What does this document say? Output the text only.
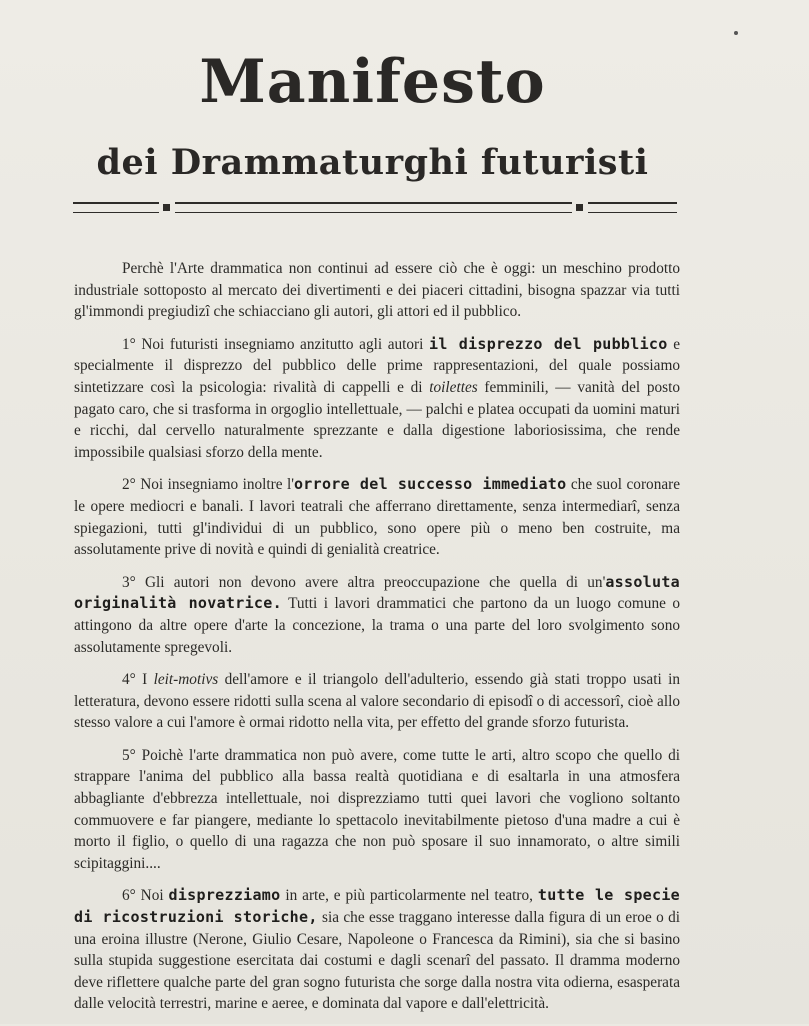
Manifesto
dei Drammaturghi futuristi

Perchè l'Arte drammatica non continui ad essere ciò che è oggi: un meschino prodotto industriale sottoposto al mercato dei divertimenti e dei piaceri cittadini, bisogna spazzar via tutti gl'immondi pregiudizî che schiacciano gli autori, gli attori ed il pubblico.

1° Noi futuristi insegniamo anzitutto agli autori il disprezzo del pubblico e specialmente il disprezzo del pubblico delle prime rappresentazioni, del quale possiamo sintetizzare così la psicologia: rivalità di cappelli e di toilettes femminili, — vanità del posto pagato caro, che si trasforma in orgoglio intellettuale, — palchi e platea occupati da uomini maturi e ricchi, dal cervello naturalmente sprezzante e dalla digestione laboriosissima, che rende impossibile qualsiasi sforzo della mente.

2° Noi insegniamo inoltre l'orrore del successo immediato che suol coronare le opere mediocri e banali. I lavori teatrali che afferrano direttamente, senza intermediarî, senza spiegazioni, tutti gl'individui di un pubblico, sono opere più o meno ben costruite, ma assolutamente prive di novità e quindi di genialità creatrice.

3° Gli autori non devono avere altra preoccupazione che quella di un'assoluta originalità novatrice. Tutti i lavori drammatici che partono da un luogo comune o attingono da altre opere d'arte la concezione, la trama o una parte del loro svolgimento sono assolutamente spregevoli.

4° I leit-motivs dell'amore e il triangolo dell'adulterio, essendo già stati troppo usati in letteratura, devono essere ridotti sulla scena al valore secondario di episodî o di accessorî, cioè allo stesso valore a cui l'amore è ormai ridotto nella vita, per effetto del grande sforzo futurista.

5° Poichè l'arte drammatica non può avere, come tutte le arti, altro scopo che quello di strappare l'anima del pubblico alla bassa realtà quotidiana e di esaltarla in una atmosfera abbagliante d'ebbrezza intellettuale, noi disprezziamo tutti quei lavori che vogliono soltanto commuovere e far piangere, mediante lo spettacolo inevitabilmente pietoso d'una madre a cui è morto il figlio, o quello di una ragazza che non può sposare il suo innamorato, o altre simili scipitaggini....

6° Noi disprezziamo in arte, e più particolarmente nel teatro, tutte le specie di ricostruzioni storiche, sia che esse traggano interesse dalla figura di un eroe o di una eroina illustre (Nerone, Giulio Cesare, Napoleone o Francesca da Rimini), sia che si basino sulla stupida suggestione esercitata dai costumi e dagli scenarî del passato. Il dramma moderno deve riflettere qualche parte del gran sogno futurista che sorge dalla nostra vita odierna, esasperata dalle velocità terrestri, marine e aeree, e dominata dal vapore e dall'elettricità.
